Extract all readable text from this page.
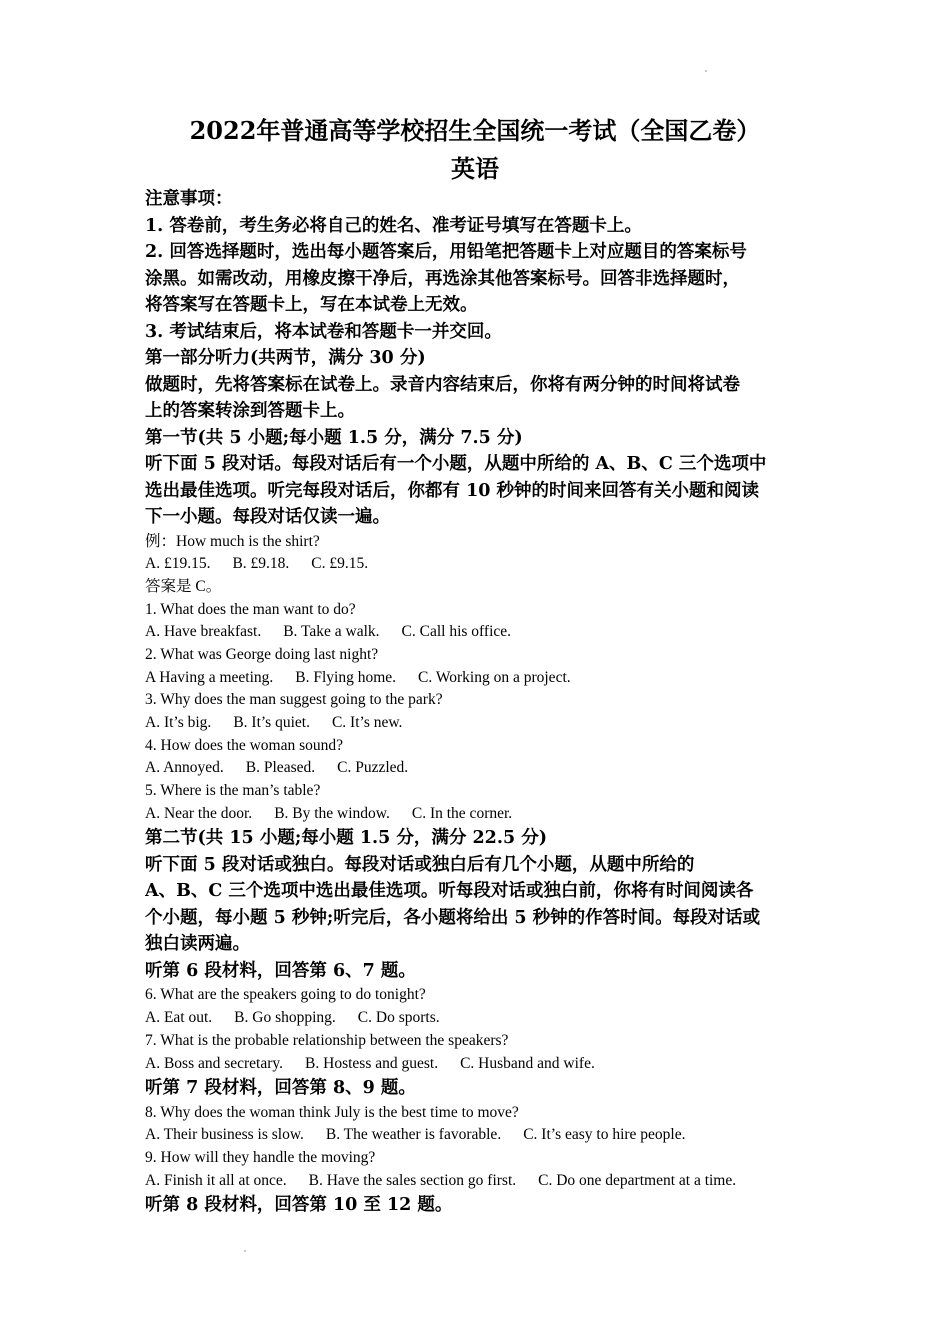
2022年普通高等学校招生全国统一考试（全国乙卷）
英语
注意事项：
1. 答卷前，考生务必将自己的姓名、准考证号填写在答题卡上。
2. 回答选择题时，选出每小题答案后，用铅笔把答题卡上对应题目的答案标号
涂黑。如需改动，用橡皮擦干净后，再选涂其他答案标号。回答非选择题时，
将答案写在答题卡上，写在本试卷上无效。
3. 考试结束后，将本试卷和答题卡一并交回。
第一部分听力(共两节，满分 30 分)
做题时，先将答案标在试卷上。录音内容结束后，你将有两分钟的时间将试卷
上的答案转涂到答题卡上。
第一节(共 5 小题;每小题 1.5 分，满分 7.5 分)
听下面 5 段对话。每段对话后有一个小题，从题中所给的 A、B、C 三个选项中
选出最佳选项。听完每段对话后，你都有 10 秒钟的时间来回答有关小题和阅读
下一小题。每段对话仅读一遍。
例：How much is the shirt?
A. £19.15. B. £9.18. C. £9.15.
答案是 C。
1. What does the man want to do?
A. Have breakfast. B. Take a walk. C. Call his office.
2. What was George doing last night?
A Having a meeting. B. Flying home. C. Working on a project.
3. Why does the man suggest going to the park?
A. It’s big. B. It’s quiet. C. It’s new.
4. How does the woman sound?
A. Annoyed. B. Pleased. C. Puzzled.
5. Where is the man’s table?
A. Near the door. B. By the window. C. In the corner.
第二节(共 15 小题;每小题 1.5 分，满分 22.5 分)
听下面 5 段对话或独白。每段对话或独白后有几个小题，从题中所给的
A、B、C 三个选项中选出最佳选项。听每段对话或独白前，你将有时间阅读各
个小题，每小题 5 秒钟;听完后，各小题将给出 5 秒钟的作答时间。每段对话或
独白读两遍。
听第 6 段材料，回答第 6、7 题。
6. What are the speakers going to do tonight?
A. Eat out. B. Go shopping. C. Do sports.
7. What is the probable relationship between the speakers?
A. Boss and secretary. B. Hostess and guest. C. Husband and wife.
听第 7 段材料，回答第 8、9 题。
8. Why does the woman think July is the best time to move?
A. Their business is slow. B. The weather is favorable. C. It’s easy to hire people.
9. How will they handle the moving?
A. Finish it all at once. B. Have the sales section go first. C. Do one department at a time.
听第 8 段材料，回答第 10 至 12 题。
